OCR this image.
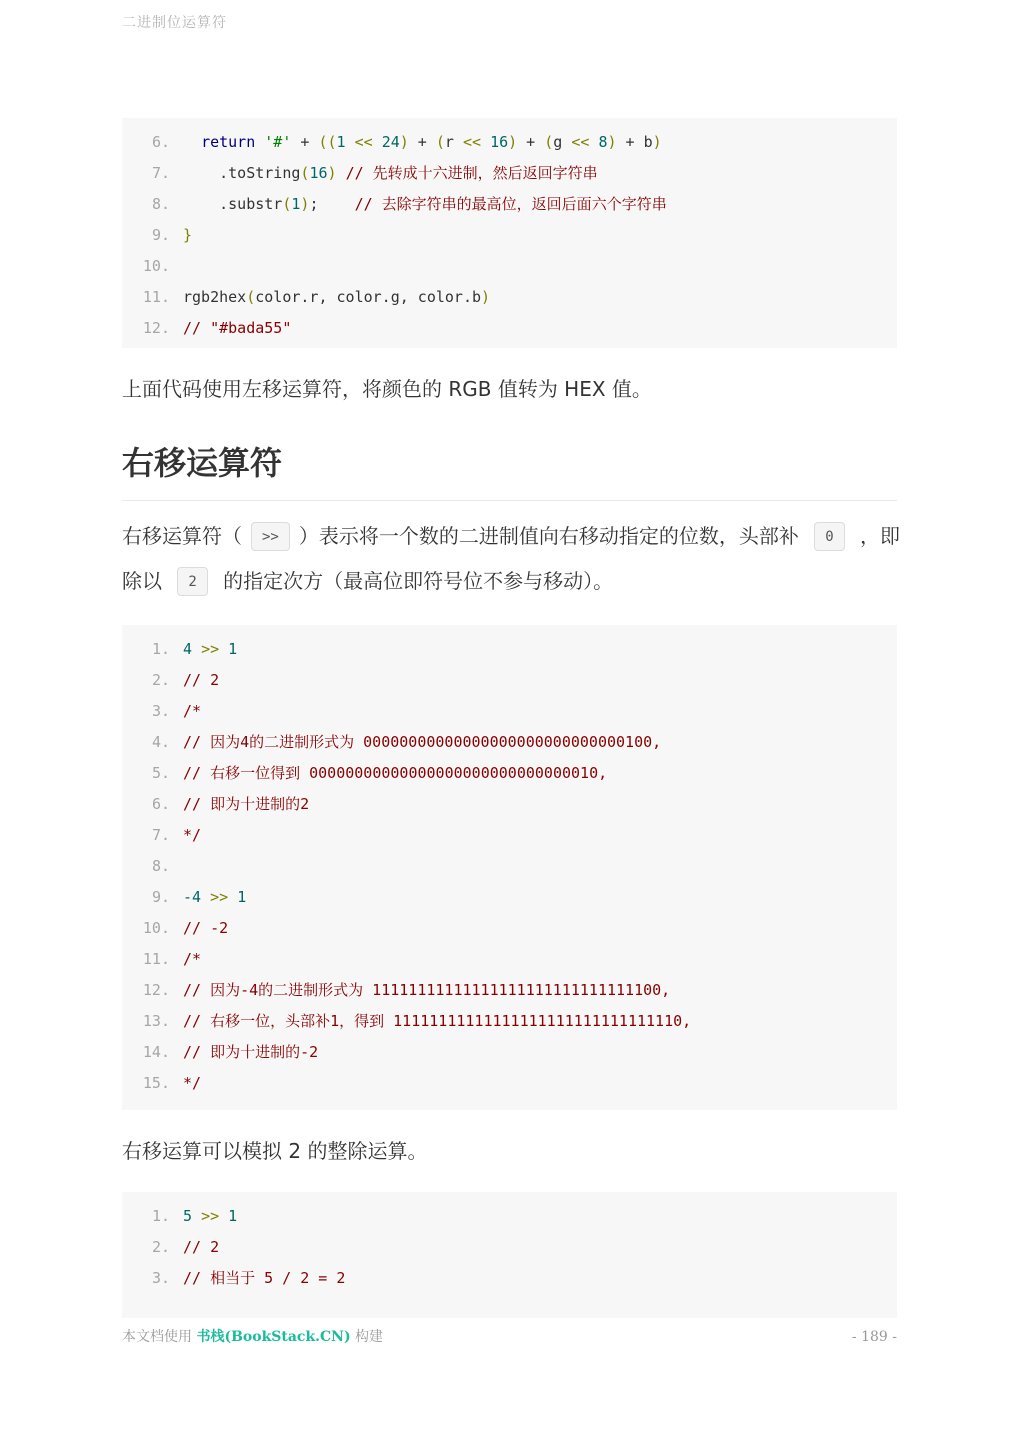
二进制位运算符
6. return '#' + ((1 << 24) + (r << 16) + (g << 8) + b)
7.    .toString(16) // 先转成十六进制，然后返回字符串
8.    .substr(1);    // 去除字符串的最高位，返回后面六个字符串
9. }
10.
11. rgb2hex(color.r, color.g, color.b)
12. // "#bada55"

上面代码使用左移运算符，将颜色的 RGB 值转为 HEX 值。

右移运算符

右移运算符（ >> ）表示将一个数的二进制值向右移动指定的位数，头部补 0 ，即除以 2 的指定次方（最高位即符号位不参与移动）。

1. 4 >> 1
2. // 2
3. /*
4. // 因为4的二进制形式为 00000000000000000000000000000100,
5. // 右移一位得到 00000000000000000000000000000010,
6. // 即为十进制的2
7. */
8.
9. -4 >> 1
10. // -2
11. /*
12. // 因为-4的二进制形式为 11111111111111111111111111111100,
13. // 右移一位，头部补1，得到 11111111111111111111111111111110,
14. // 即为十进制的-2
15. */

右移运算可以模拟 2 的整除运算。

1. 5 >> 1
2. // 2
3. // 相当于 5 / 2 = 2
本文档使用 书栈(BookStack.CN) 构建	- 189 -
